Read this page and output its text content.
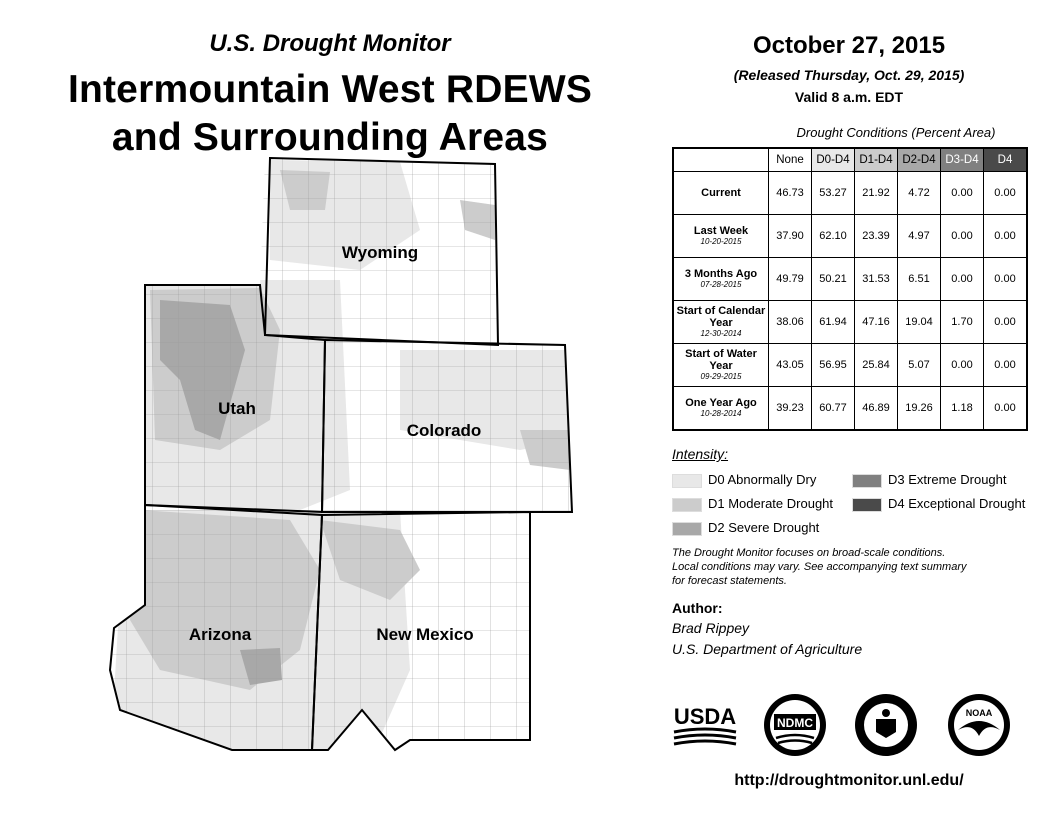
U.S. Drought Monitor
Intermountain West RDEWS
and Surrounding Areas
Wyoming
Utah
Colorado
Arizona	New Mexico
October 27, 2015
(Released Thursday, Oct. 29, 2015)
Valid 8 a.m. EDT
Drought Conditions (Percent Area)
	None	D0-D4	D1-D4	D2-D4	D3-D4	D4
Current	46.73	53.27	21.92	4.72	0.00	0.00
Last Week
10-20-2015	37.90	62.10	23.39	4.97	0.00	0.00
3 Months Ago
07-28-2015	49.79	50.21	31.53	6.51	0.00	0.00
Start of Calendar Year
12-30-2014	38.06	61.94	47.16	19.04	1.70	0.00
Start of Water Year
09-29-2015	43.05	56.95	25.84	5.07	0.00	0.00
One Year Ago
10-28-2014	39.23	60.77	46.89	19.26	1.18	0.00
Intensity:
D0 Abnormally Dry
D1 Moderate Drought
D2 Severe Drought
D3 Extreme Drought
D4 Exceptional Drought
The Drought Monitor focuses on broad-scale conditions.
Local conditions may vary. See accompanying text summary
for forecast statements.
Author:
Brad Rippey
U.S. Department of Agriculture
USDA	NDMC
NOAA
http://droughtmonitor.unl.edu/
